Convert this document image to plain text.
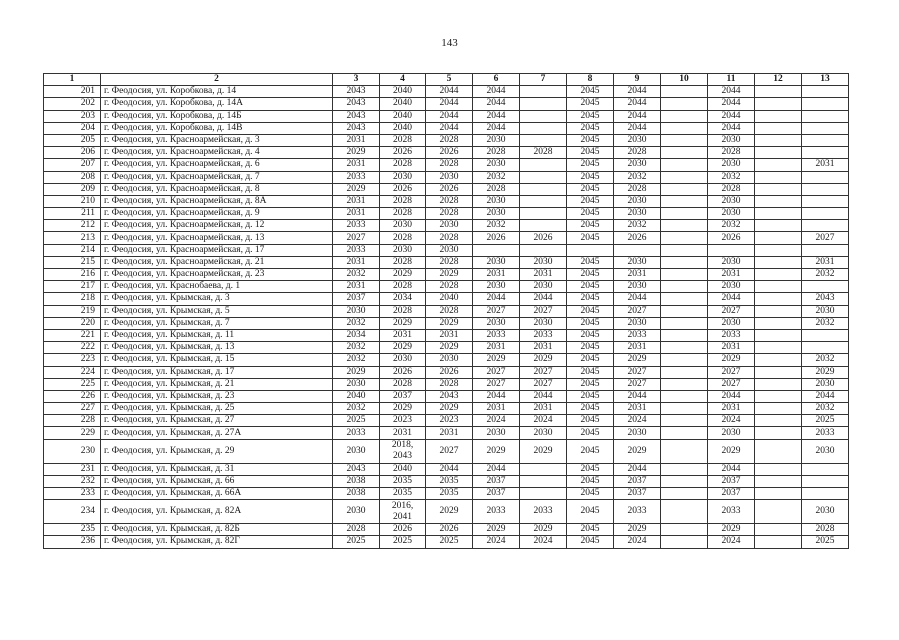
143
1	2	3	4	5	6	7	8	9	10	11	12	13
201	г. Феодосия, ул. Коробкова, д. 14	2043	2040	2044	2044		2045	2044		2044		
202	г. Феодосия, ул. Коробкова, д. 14А	2043	2040	2044	2044		2045	2044		2044		
203	г. Феодосия, ул. Коробкова, д. 14Б	2043	2040	2044	2044		2045	2044		2044		
204	г. Феодосия, ул. Коробкова, д. 14В	2043	2040	2044	2044		2045	2044		2044		
205	г. Феодосия, ул. Красноармейская, д. 3	2031	2028	2028	2030		2045	2030		2030		
206	г. Феодосия, ул. Красноармейская, д. 4	2029	2026	2026	2028	2028	2045	2028		2028		
207	г. Феодосия, ул. Красноармейская, д. 6	2031	2028	2028	2030		2045	2030		2030		2031
208	г. Феодосия, ул. Красноармейская, д. 7	2033	2030	2030	2032		2045	2032		2032		
209	г. Феодосия, ул. Красноармейская, д. 8	2029	2026	2026	2028		2045	2028		2028		
210	г. Феодосия, ул. Красноармейская, д. 8А	2031	2028	2028	2030		2045	2030		2030		
211	г. Феодосия, ул. Красноармейская, д. 9	2031	2028	2028	2030		2045	2030		2030		
212	г. Феодосия, ул. Красноармейская, д. 12	2033	2030	2030	2032		2045	2032		2032		
213	г. Феодосия, ул. Красноармейская, д. 13	2027	2028	2028	2026	2026	2045	2026		2026		2027
214	г. Феодосия, ул. Красноармейская, д. 17	2033	2030	2030								
215	г. Феодосия, ул. Красноармейская, д. 21	2031	2028	2028	2030	2030	2045	2030		2030		2031
216	г. Феодосия, ул. Красноармейская, д. 23	2032	2029	2029	2031	2031	2045	2031		2031		2032
217	г. Феодосия, ул. Краснобаева, д. 1	2031	2028	2028	2030	2030	2045	2030		2030		
218	г. Феодосия, ул. Крымская, д. 3	2037	2034	2040	2044	2044	2045	2044		2044		2043
219	г. Феодосия, ул. Крымская, д. 5	2030	2028	2028	2027	2027	2045	2027		2027		2030
220	г. Феодосия, ул. Крымская, д. 7	2032	2029	2029	2030	2030	2045	2030		2030		2032
221	г. Феодосия, ул. Крымская, д. 11	2034	2031	2031	2033	2033	2045	2033		2033		
222	г. Феодосия, ул. Крымская, д. 13	2032	2029	2029	2031	2031	2045	2031		2031		
223	г. Феодосия, ул. Крымская, д. 15	2032	2030	2030	2029	2029	2045	2029		2029		2032
224	г. Феодосия, ул. Крымская, д. 17	2029	2026	2026	2027	2027	2045	2027		2027		2029
225	г. Феодосия, ул. Крымская, д. 21	2030	2028	2028	2027	2027	2045	2027		2027		2030
226	г. Феодосия, ул. Крымская, д. 23	2040	2037	2043	2044	2044	2045	2044		2044		2044
227	г. Феодосия, ул. Крымская, д. 25	2032	2029	2029	2031	2031	2045	2031		2031		2032
228	г. Феодосия, ул. Крымская, д. 27	2025	2023	2023	2024	2024	2045	2024		2024		2025
229	г. Феодосия, ул. Крымская, д. 27А	2033	2031	2031	2030	2030	2045	2030		2030		2033
230	г. Феодосия, ул. Крымская, д. 29	2030	2018, 2043	2027	2029	2029	2045	2029		2029		2030
231	г. Феодосия, ул. Крымская, д. 31	2043	2040	2044	2044		2045	2044		2044		
232	г. Феодосия, ул. Крымская, д. 66	2038	2035	2035	2037		2045	2037		2037		
233	г. Феодосия, ул. Крымская, д. 66А	2038	2035	2035	2037		2045	2037		2037		
234	г. Феодосия, ул. Крымская, д. 82А	2030	2016, 2041	2029	2033	2033	2045	2033		2033		2030
235	г. Феодосия, ул. Крымская, д. 82Б	2028	2026	2026	2029	2029	2045	2029		2029		2028
236	г. Феодосия, ул. Крымская, д. 82Г	2025	2025	2025	2024	2024	2045	2024		2024		2025
